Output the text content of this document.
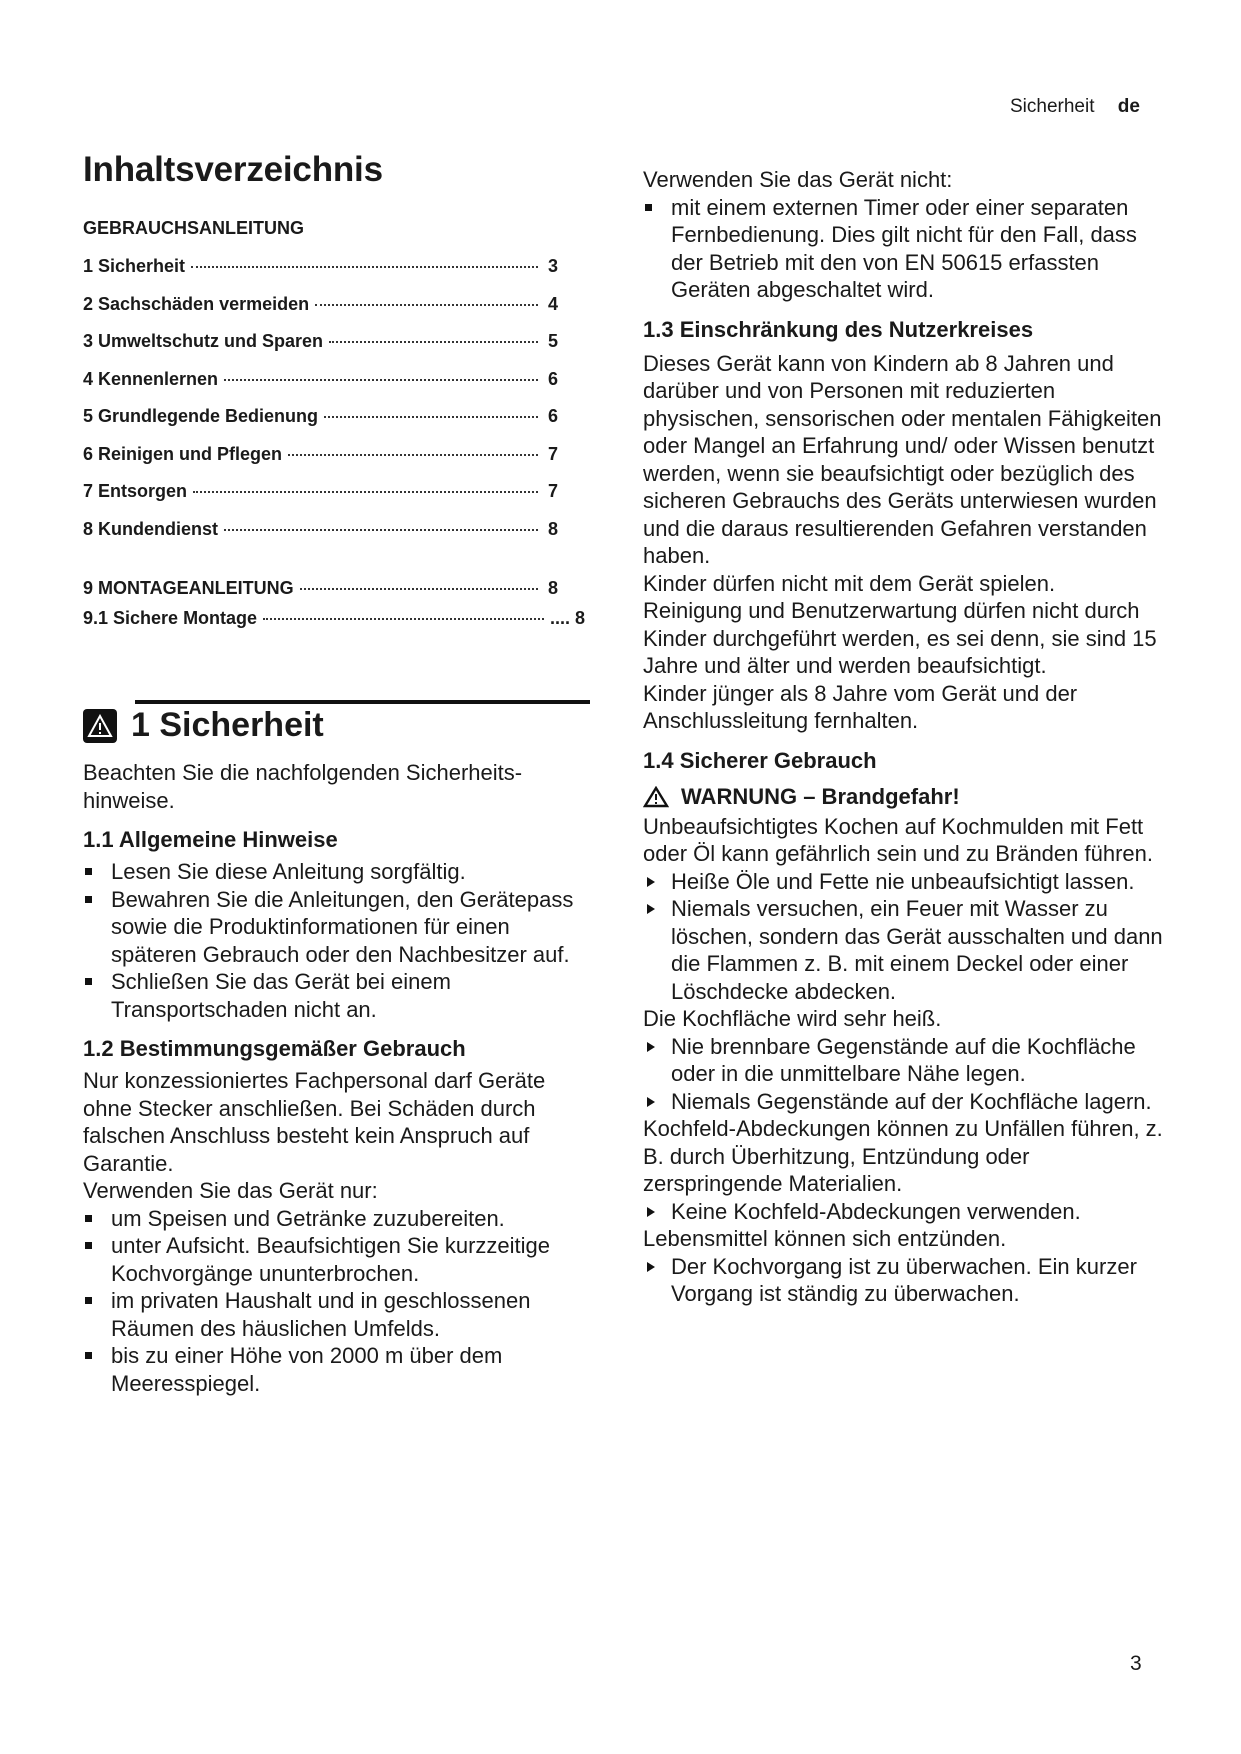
Sicherheit de
Inhaltsverzeichnis
GEBRAUCHSANLEITUNG
1 Sicherheit	3
2 Sachschäden vermeiden	4
3 Umweltschutz und Sparen	5
4 Kennenlernen	6
5 Grundlegende Bedienung	6
6 Reinigen und Pflegen	7
7 Entsorgen	7
8 Kundendienst	8
9 MONTAGEANLEITUNG	8
9.1 Sichere Montage	.... 8
1 Sicherheit

Beachten Sie die nachfolgenden Sicherheits- hinweise.

1.1 Allgemeine Hinweise
Lesen Sie diese Anleitung sorgfältig.
Bewahren Sie die Anleitungen, den Gerätepass sowie die Produktinformationen für einen späteren Gebrauch oder den Nachbesitzer auf.
Schließen Sie das Gerät bei einem Transportschaden nicht an.
1.2 Bestimmungsgemäßer Gebrauch

Nur konzessioniertes Fachpersonal darf Geräte ohne Stecker anschließen. Bei Schäden durch falschen Anschluss besteht kein Anspruch auf Garantie.

Verwenden Sie das Gerät nur:

um Speisen und Getränke zuzubereiten.
unter Aufsicht. Beaufsichtigen Sie kurzzeitige Kochvorgänge ununterbrochen.
im privaten Haushalt und in geschlossenen Räumen des häuslichen Umfelds.
bis zu einer Höhe von 2000 m über dem Meeresspiegel.

Verwenden Sie das Gerät nicht:

mit einem externen Timer oder einer separaten Fernbedienung. Dies gilt nicht für den Fall, dass der Betrieb mit den von EN 50615 erfassten Geräten abgeschaltet wird.
1.3 Einschränkung des Nutzerkreises

Dieses Gerät kann von Kindern ab 8 Jahren und darüber und von Personen mit reduzierten physischen, sensorischen oder mentalen Fähigkeiten oder Mangel an Erfahrung und/ oder Wissen benutzt werden, wenn sie beaufsichtigt oder bezüglich des sicheren Gebrauchs des Geräts unterwiesen wurden und die daraus resultierenden Gefahren verstanden haben.

Kinder dürfen nicht mit dem Gerät spielen.

Reinigung und Benutzerwartung dürfen nicht durch Kinder durchgeführt werden, es sei denn, sie sind 15 Jahre und älter und werden beaufsichtigt.

Kinder jünger als 8 Jahre vom Gerät und der Anschlussleitung fernhalten.

1.4 Sicherer Gebrauch
WARNUNG – Brandgefahr!

Unbeaufsichtigtes Kochen auf Kochmulden mit Fett oder Öl kann gefährlich sein und zu Bränden führen.

Heiße Öle und Fette nie unbeaufsichtigt lassen.
Niemals versuchen, ein Feuer mit Wasser zu löschen, sondern das Gerät ausschalten und dann die Flammen z. B. mit einem Deckel oder einer Löschdecke abdecken.

Die Kochfläche wird sehr heiß.

Nie brennbare Gegenstände auf die Kochfläche oder in die unmittelbare Nähe legen.
Niemals Gegenstände auf der Kochfläche lagern.

Kochfeld-Abdeckungen können zu Unfällen führen, z. B. durch Überhitzung, Entzündung oder zerspringende Materialien.

Keine Kochfeld-Abdeckungen verwenden.

Lebensmittel können sich entzünden.

Der Kochvorgang ist zu überwachen. Ein kurzer Vorgang ist ständig zu überwachen.
3
